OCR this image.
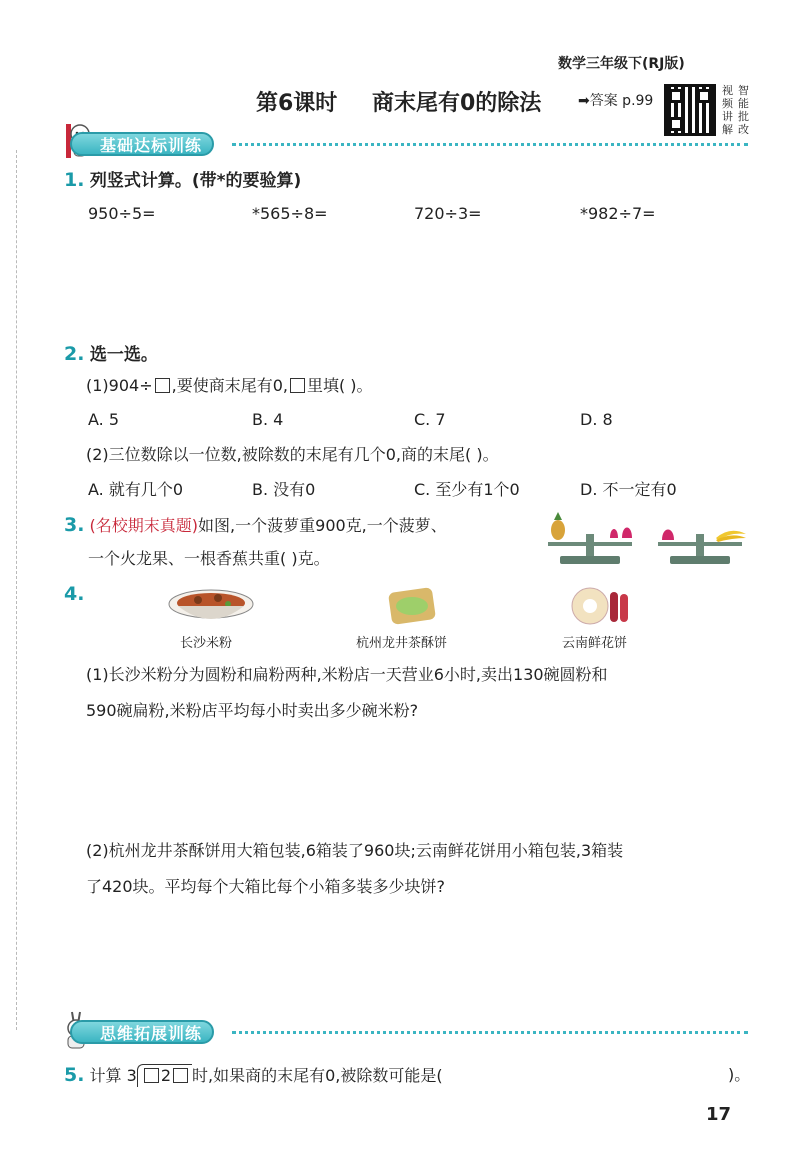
数学三年级下(RJ版)
第6课时 商末尾有0的除法	➡答案 p.99
视频讲解
智能批改
基础达标训练
1. 列竖式计算。(带*的要验算)
950÷5=	*565÷8=	720÷3=	*982÷7=
2. 选一选。
(1)904÷ ,要使商末尾有0, 里填( )。
A. 5	B. 4	C. 7	D. 8
(2)三位数除以一位数,被除数的末尾有几个0,商的末尾( )。
A. 就有几个0	B. 没有0	C. 至少有1个0	D. 不一定有0
3. (名校期末真题)如图,一个菠萝重900克,一个菠萝、
一个火龙果、一根香蕉共重( )克。
4.
长沙米粉	杭州龙井茶酥饼	云南鲜花饼
(1)长沙米粉分为圆粉和扁粉两种,米粉店一天营业6小时,卖出130碗圆粉和
590碗扁粉,米粉店平均每小时卖出多少碗米粉?
(2)杭州龙井茶酥饼用大箱包装,6箱装了960块;云南鲜花饼用小箱包装,3箱装
了420块。平均每个大箱比每个小箱多装多少块饼?
思维拓展训练
5. 计算 3 2 时,如果商的末尾有0,被除数可能是(	)。
17
